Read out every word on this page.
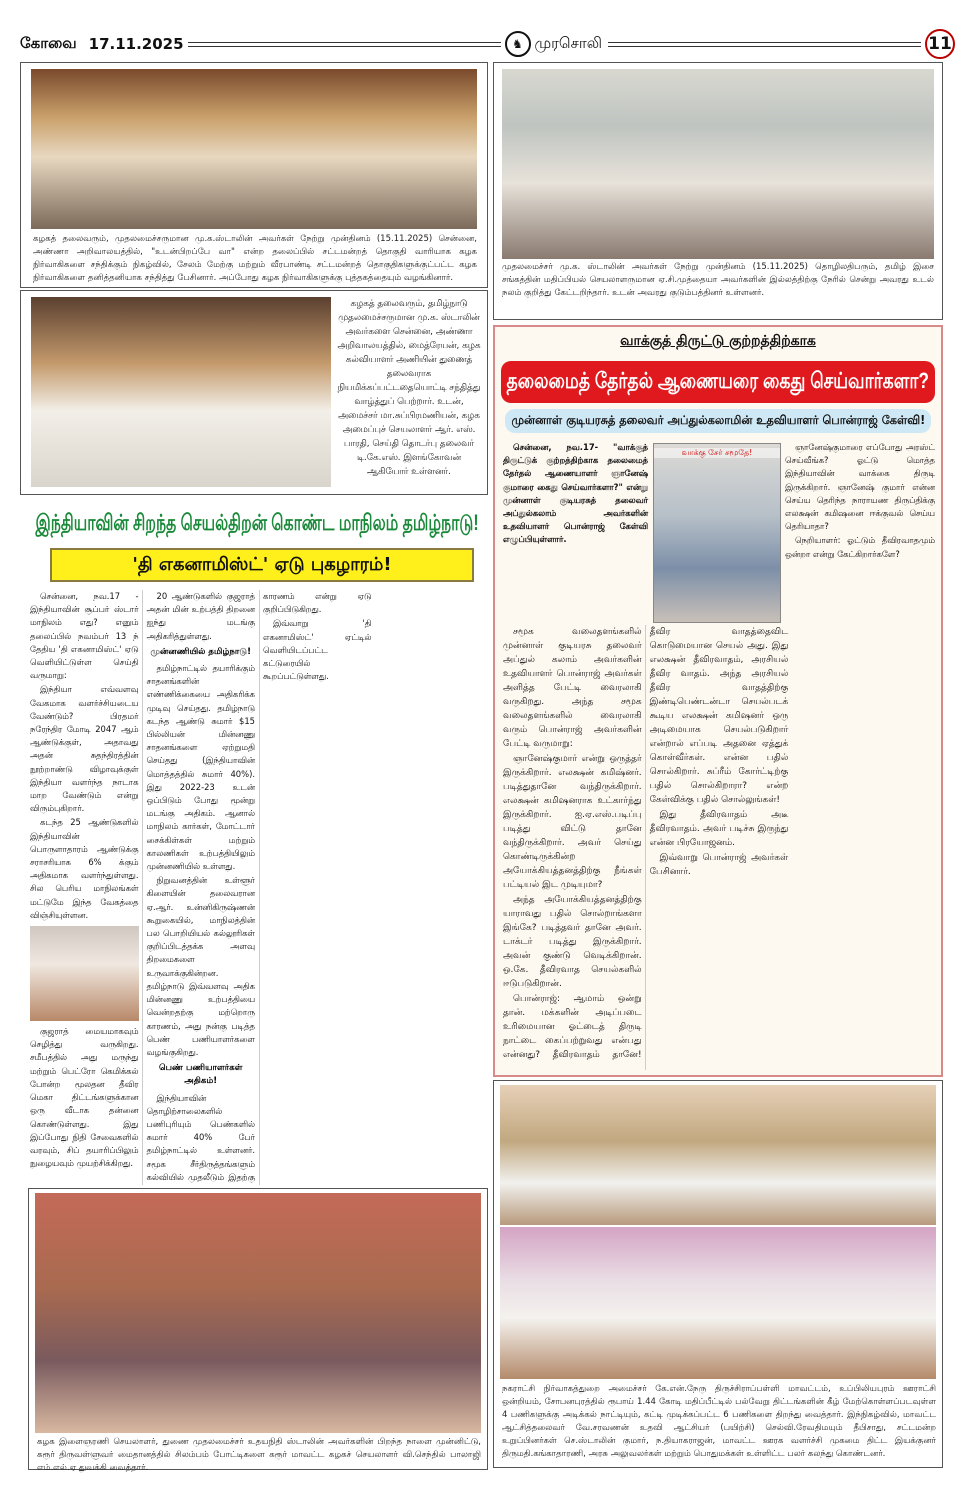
கோவை 17.11.2025	♞ முரசொலி	11
கழகத் தலைவரும், முதலமைச்சருமான மு.க.ஸ்டாலின் அவர்கள் நேற்று முன்தினம் (15.11.2025) சென்னை, அண்ணா அறிவாலயத்தில், "உடன்பிறப்பே வா" என்ற தலைப்பில் சட்டமன்றத் தொகுதி வாரியாக கழக நிர்வாகிகளை சந்திக்கும் நிகழ்வில், சேலம் மேற்கு மற்றும் வீரபாண்டி சட்டமன்றத் தொகுதிகளுக்குட்பட்ட கழக நிர்வாகிகளை தனித்தனியாக சந்தித்து பேசினார். அப்போது கழக நிர்வாகிகளுக்கு புத்தகத்தையும் வழங்கினார்.
கழகத் தலைவரும், தமிழ்நாடு முதலமைச்சருமான மு.க. ஸ்டாலின் அவர்களை சென்னை, அண்ணா அறிவாலயத்தில், மைத்ரேயன், கழக கல்வியாளர் அணியின் துணைத் தலைவராக நியமிக்கப்பட்டதையொட்டி சந்தித்து வாழ்த்துப் பெற்றார். உடன், அமைச்சர் மா.சுப்பிரமணியன், கழக அமைப்புச் செயலாளர் ஆர். எஸ். பாரதி, செய்தி தொடர்பு தலைவர் டி.கே.எஸ். இளங்கோவன் ஆகியோர் உள்ளனர்.
இந்தியாவின் சிறந்த செயல்திறன் கொண்ட மாநிலம் தமிழ்நாடு!
'தி எகனாமிஸ்ட்' ஏடு புகழாரம்!

சென்னை, நவ.17 - இந்தியாவின் சூப்பர் ஸ்டார் மாநிலம் எது? எனும் தலைப்பில் நவம்பர் 13 ந் தேதிய 'தி எகனாமிஸ்ட்' ஏடு வெளியிட்டுள்ள செய்தி வருமாறு:

இந்தியா எவ்வளவு வேகமாக வளர்ச்சியடைய வேண்டும்? பிரதமர் நரேந்திர மோடி 2047 ஆம் ஆண்டுக்குள், அதாவது அதன் சுதந்திரத்தின் நூற்றாண்டு விழாவுக்குள் இந்தியா வளர்ந்த நாடாக மாற வேண்டும் என்று விரும்புகிறார்.

கடந்த 25 ஆண்டுகளில் இந்தியாவின் பொருளாதாரம் ஆண்டுக்கு சராசரியாக 6% க்கும் அதிகமாக வளர்ந்துள்ளது. சில பெரிய மாநிலங்கள் மட்டுமே இந்த வேகத்தை விஞ்சியுள்ளன.

குஜராத் மையமாகவும் செழித்து வருகிறது. சமீபத்தில் அது மருந்து மற்றும் பெட்ரோ கெமிக்கல் போன்ற மூலதன தீவிர மெகா திட்டங்களுக்கான ஒரு வீடாக தன்னை கொண்டுள்ளது. இது இப்போது நிதி சேவைகளில் வரவும், சிப் தயாரிப்பிலும் நுழையவும் முயற்சிக்கிறது.

20 ஆண்டுகளில் குஜராத் அதன் மின் உற்பத்தி திறனை ஐந்து மடங்கு அதிகரித்துள்ளது.

முன்னணியில் தமிழ்நாடு!

தமிழ்நாட்டில் தயாரிக்கும் சாதனங்களின் எண்ணிக்கையை அதிகரிக்க முடிவு செய்தது. தமிழ்நாடு கடந்த ஆண்டு சுமார் $15 பில்லியன் மின்னணு சாதனங்களை ஏற்றுமதி செய்தது (இந்தியாவின் மொத்தத்தில் சுமார் 40%). இது 2022-23 உடன் ஒப்பிடும் போது மூன்று மடங்கு அதிகம். ஆனால் மாநிலம் கார்கள், மோட்டார் சைக்கிள்கள் மற்றும் காலணிகள் உற்பத்தியிலும் முன்னணியில் உள்ளது.

நிறுவனத்தின் உள்ளூர் கிளையின் தலைவரான ஏ.ஆர். உன்னிகிருஷ்ணன் கூறுகையில், மாநிலத்தின் பல பொறியியல் கல்லூரிகள் குறிப்பிடத்தக்க அளவு திறமைகளை உருவாக்குகின்றன. தமிழ்நாடு இவ்வளவு அதிக மின்னணு உற்பத்தியை வென்றதற்கு மற்றொரு காரணம், அது நன்கு படித்த பெண் பணியாளர்களை வழங்குகிறது.

பெண் பணியாளர்கள் அதிகம்!

இந்தியாவின் தொழிற்சாலைகளில் பணிபுரியும் பெண்களில் சுமார் 40% பேர் தமிழ்நாட்டில் உள்ளனர். சமூக சீர்திருத்தங்களும் கல்வியில் முதலீடும் இதற்கு காரணம் என்று ஏடு குறிப்பிடுகிறது.

இவ்வாறு 'தி எகனாமிஸ்ட்' ஏட்டில் வெளியிடப்பட்ட கட்டுரையில் கூறப்பட்டுள்ளது.

கழக இளைஞரணி செயலாளர், துணை முதலமைச்சர் உதயநிதி ஸ்டாலின் அவர்களின் பிறந்த நாளை முன்னிட்டு, கரூர் திருவள்ளுவர் மைதானத்தில் சிலம்பம் போட்டிகளை கரூர் மாவட்ட கழகச் செயலாளர் வி.செந்தில் பாலாஜி எம்.எல்.ஏ துவக்கி வைத்தார்.
முதலமைச்சர் மு.க. ஸ்டாலின் அவர்கள் நேற்று முன்தினம் (15.11.2025) தொழிலதிபரும், தமிழ் இசை சங்கத்தின் மதிப்பியல் செயலாளருமான ஏ.சி.முத்தையா அவர்களின் இல்லத்திற்கு நேரில் சென்று அவரது உடல் நலம் குறித்து கேட்டறிந்தார். உடன் அவரது குடும்பத்தினர் உள்ளனர்.
வாக்குத் திருட்டு குற்றத்திற்காக
தலைமைத் தேர்தல் ஆணையரை கைது செய்வார்களா?
முன்னாள் குடியரசுத் தலைவர் அப்துல்கலாமின் உதவியாளர் பொன்ராஜ் கேள்வி!
வாக்கு சேர் சமூதே!

சென்னை, நவ.17- "வாக்குத் திருட்டுக் குற்றத்திற்காக தலைமைத் தேர்தல் ஆணையாளர் ஞானேஷ் குமாரை கைது செய்வார்களா?" என்று முன்னாள் குடியரசுத் தலைவர் அப்துல்கலாம் அவர்களின் உதவியாளர் பொன்ராஜ் கேள்வி எழுப்பியுள்ளார்.

ஞானேஷ்குமாரை எப்போது அரஸ்ட் செய்வீங்க? ஓட்டு மொத்த இந்தியாவின் வாக்கை திருடி இருக்கிறார். ஞானேஷ் குமார் என்ன செய்ய தெரிந்த நாராயண திருப்திக்கு எலக்ஷன் கமிஷனை ஈக்குவல் செய்ய தெரியாதா?

நெறியாளர்: ஓட்டும் தீவிரவாதமும் ஒன்றா என்று கேட்கிறார்களே?

சமூக வலைதளங்களில் முன்னாள் குடியரசு தலைவர் அப்துல் கலாம் அவர்களின் உதவியாளர் பொன்ராஜ் அவர்கள் அளித்த பேட்டி வைரலாகி வருகிறது. அந்த சமூக வலைதளங்களில் வைரலாகி வரும் பொன்ராஜ் அவர்களின் பேட்டி வருமாறு:

ஞானேஷ்குமார் என்று ஒருத்தர் இருக்கிறார். எலக்ஷன் கமிஷ்னர். படித்துதானே வந்திருக்கிறார். எலக்ஷன் கமிஷனராக உட்கார்ந்து இருக்கிறார். ஐ.ஏ.எஸ்.படிப்பு படித்து விட்டு தானே வந்திருக்கிறார். அவர் செய்து கொண்டிருக்கின்ற அயோக்கியத்தனத்திற்கு நீங்கள் பட்டியல் இட முடியுமா?

அந்த அயோக்கியத்தனத்திற்கு யாராவது பதில் சொல்றாங்களா இங்கே? படித்தவர் தானே அவர். டாக்டர் படித்து இருக்கிறார். அவன் குண்டு வெடிக்கிறான். ஒ.கே. தீவிரவாத செயல்களில் ஈடுபடுகிறான்.

பொன்ராஜ்: ஆமாம் ஒன்று தான். மக்களின் அடிப்படை உரிமையான ஓட்டைத் திருடி நாட்டை கைப்பற்றுவது என்பது என்னது? தீவிரவாதம் தானே! தீவிர வாதத்தைவிட கொடுமையான செயல் அது. இது எலக்ஷன் தீவிரவாதம், அரசியல் தீவிர வாதம். அந்த அரசியல் தீவிர வாதத்திற்கு இண்டிபெண்டன்டா செயல்படக் கூடிய எலக்ஷன் கமிஷனர் ஒரு அடிமையாக செயல்படுகிறார் என்றால் எப்படி அதனை ஏத்துக் கொள்வீர்கள். என்ன பதில் சொல்கிறார். சுப்ரீம் கோர்ட்டிற்கு பதில் சொல்கிறாரா? என்ற கேள்விக்கு பதில் சொல்லுங்கள்!

இது தீவிரவாதம் அடீ தீவிரவாதம். அவர் படிச்சு இருந்து என்ன பிரயோஜனம்.

இவ்வாறு பொன்ராஜ் அவர்கள் பேசினார்.

நகராட்சி நிர்வாகத்துறை அமைச்சர் கே.என்.நேரு திருச்சிராப்பள்ளி மாவட்டம், உப்பிலியபுரம் ஊராட்சி ஒன்றியம், சோபனபுரத்தில் ரூபாய் 1.44 கோடி மதிப்பீட்டில் பல்வேறு திட்டங்களின் கீழ் மேற்கொள்ளப்படவுள்ள 4 பணிகளுக்கு அடிக்கல் நாட்டியும், கட்டி முடிக்கப்பட்ட 6 பணிகளை திறந்து வைத்தார். இந்நிகழ்வில், மாவட்ட ஆட்சித்தலைவர் வே.சரவணன் உதவி ஆட்சியர் (பயிற்சி) செல்வி.ரேவதிமயும் தீபிசாது, சட்டமன்ற உறுப்பினர்கள் செ.ஸ்டாலின் குமார், ந.தியாகராஜன், மாவட்ட ஊரக வளர்ச்சி முகமை திட்ட இயக்குனர் திருமதி.கங்காதாரணி, அரசு அலுவலர்கள் மற்றும் பொதுமக்கள் உள்ளிட்ட பலர் கலந்து கொண்டனர்.
